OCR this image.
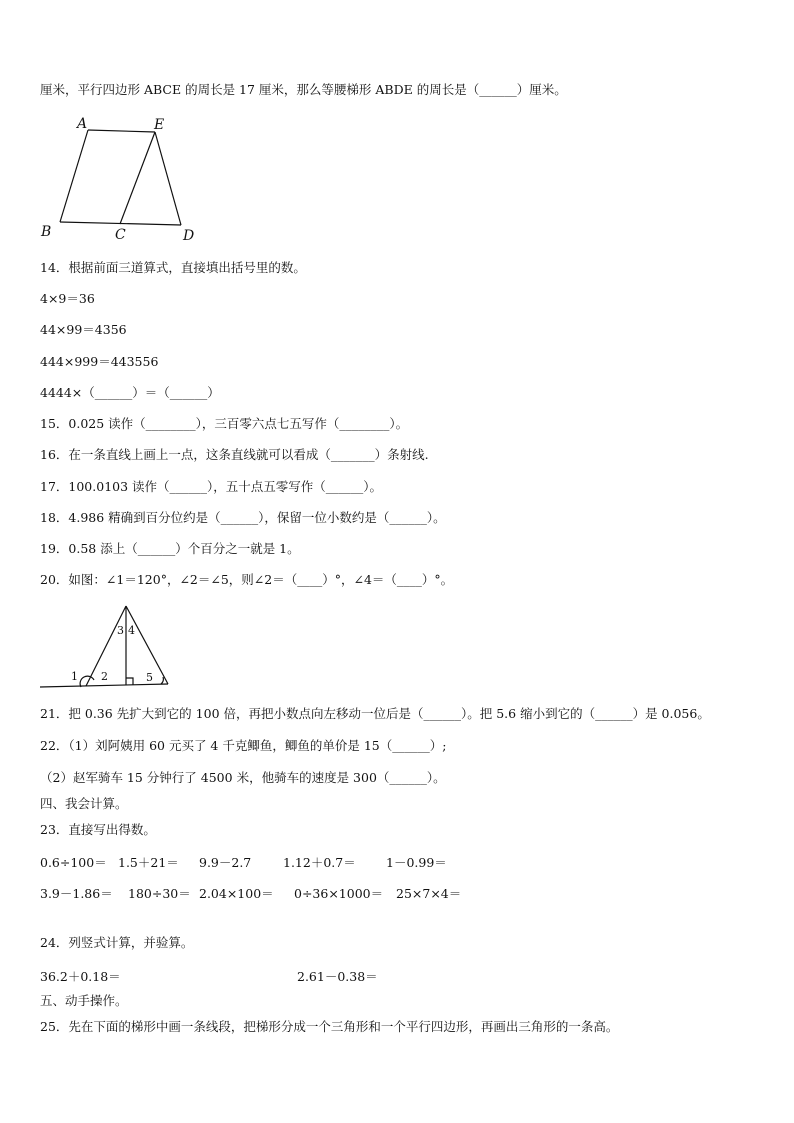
厘米，平行四边形 ABCE 的周长是 17 厘米，那么等腰梯形 ABDE 的周长是（______）厘米。
A	E
B	C	D
14．根据前面三道算式，直接填出括号里的数。
4×9＝36
44×99＝4356
444×999＝443556
4444×（______）＝（______）
15．0.025 读作（________），三百零六点七五写作（________）。
16．在一条直线上画上一点，这条直线就可以看成（_______）条射线.
17．100.0103 读作（______），五十点五零写作（______）。
18．4.986 精确到百分位约是（______），保留一位小数约是（______）。
19．0.58 添上（______）个百分之一就是 1。
20．如图：∠1＝120°，∠2＝∠5，则∠2＝（____）°，∠4＝（____）°。
1 2
3 4
5
21．把 0.36 先扩大到它的 100 倍，再把小数点向左移动一位后是（______）。把 5.6 缩小到它的（______）是 0.056。
22．（1）刘阿姨用 60 元买了 4 千克鲫鱼，鲫鱼的单价是 15（______）;
（2）赵军骑车 15 分钟行了 4500 米，他骑车的速度是 300（______）。
四、我会计算。
23．直接写出得数。
0.6÷100＝ 1.5＋21＝ 9.9－2.7	1.12＋0.7＝ 1－0.99＝
3.9－1.86＝ 180÷30＝ 2.04×100＝ 0÷36×1000＝ 25×7×4＝
24．列竖式计算，并验算。
36.2＋0.18＝	2.61－0.38＝
五、动手操作。
25．先在下面的梯形中画一条线段，把梯形分成一个三角形和一个平行四边形，再画出三角形的一条高。
